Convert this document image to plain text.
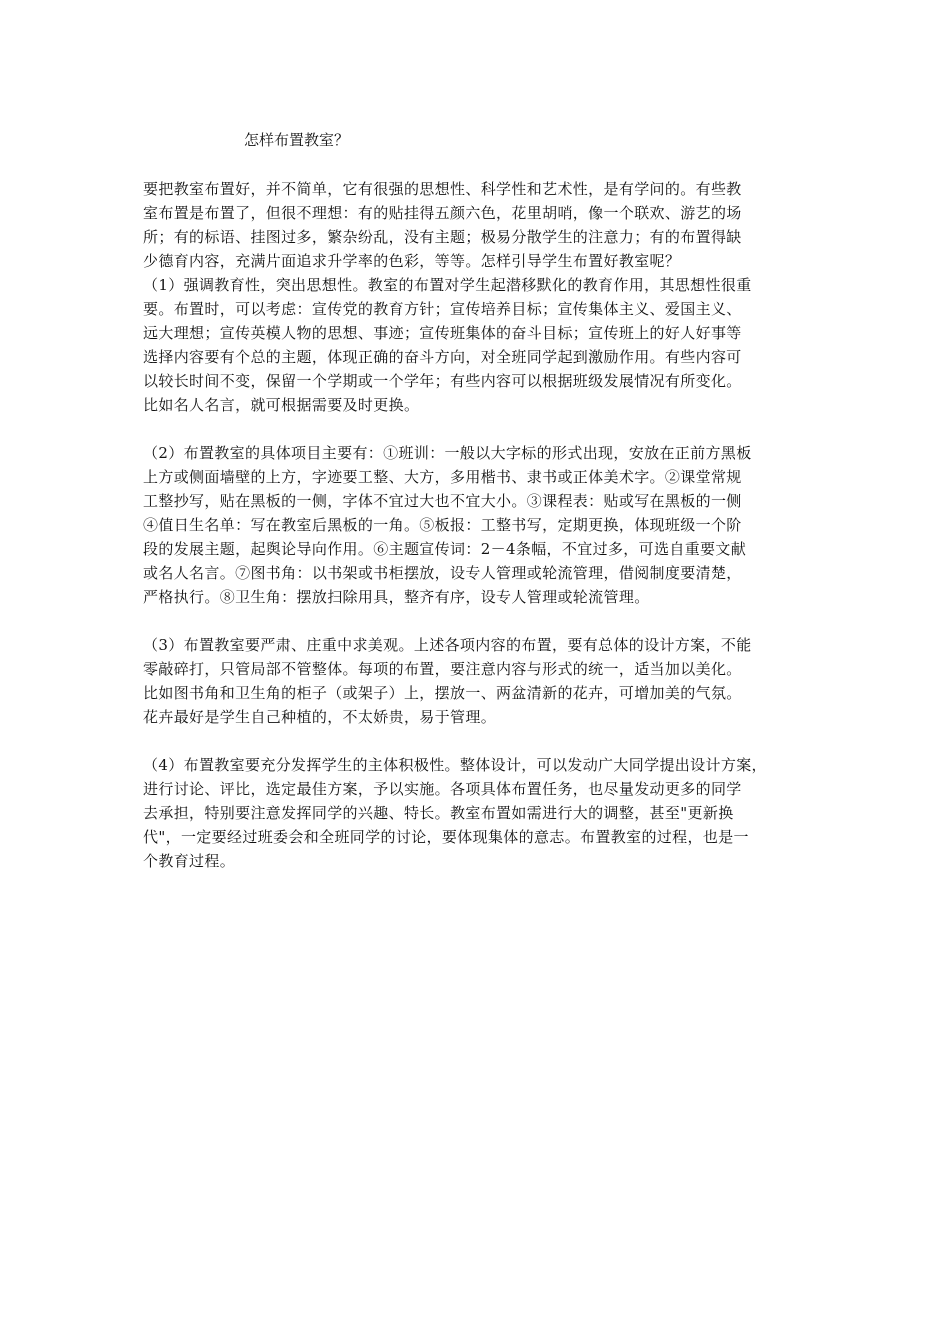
怎样布置教室？
要把教室布置好，并不简单，它有很强的思想性、科学性和艺术性，是有学问的。有些教
室布置是布置了，但很不理想：有的贴挂得五颜六色，花里胡哨，像一个联欢、游艺的场
所；有的标语、挂图过多，繁杂纷乱，没有主题；极易分散学生的注意力；有的布置得缺
少德育内容，充满片面追求升学率的色彩，等等。怎样引导学生布置好教室呢？
（1）强调教育性，突出思想性。教室的布置对学生起潜移默化的教育作用，其思想性很重
要。布置时，可以考虑：宣传党的教育方针；宣传培养目标；宣传集体主义、爱国主义、
远大理想；宣传英模人物的思想、事迹；宣传班集体的奋斗目标；宣传班上的好人好事等
选择内容要有个总的主题，体现正确的奋斗方向，对全班同学起到激励作用。有些内容可
以较长时间不变，保留一个学期或一个学年；有些内容可以根据班级发展情况有所变化。
比如名人名言，就可根据需要及时更换。
（2）布置教室的具体项目主要有：①班训：一般以大字标的形式出现，安放在正前方黑板
上方或侧面墙壁的上方，字迹要工整、大方，多用楷书、隶书或正体美术字。②课堂常规
工整抄写，贴在黑板的一侧，字体不宜过大也不宜大小。③课程表：贴或写在黑板的一侧
④值日生名单：写在教室后黑板的一角。⑤板报：工整书写，定期更换，体现班级一个阶
段的发展主题，起舆论导向作用。⑥主题宣传词：2－4条幅，不宜过多，可选自重要文献
或名人名言。⑦图书角：以书架或书柜摆放，设专人管理或轮流管理，借阅制度要清楚，
严格执行。⑧卫生角：摆放扫除用具，整齐有序，设专人管理或轮流管理。
（3）布置教室要严肃、庄重中求美观。上述各项内容的布置，要有总体的设计方案，不能
零敲碎打，只管局部不管整体。每项的布置，要注意内容与形式的统一，适当加以美化。
比如图书角和卫生角的柜子（或架子）上，摆放一、两盆清新的花卉，可增加美的气氛。
花卉最好是学生自己种植的，不太娇贵，易于管理。
（4）布置教室要充分发挥学生的主体积极性。整体设计，可以发动广大同学提出设计方案，
进行讨论、评比，选定最佳方案，予以实施。各项具体布置任务，也尽量发动更多的同学
去承担，特别要注意发挥同学的兴趣、特长。教室布置如需进行大的调整，甚至"更新换
代"，一定要经过班委会和全班同学的讨论，要体现集体的意志。布置教室的过程，也是一
个教育过程。
